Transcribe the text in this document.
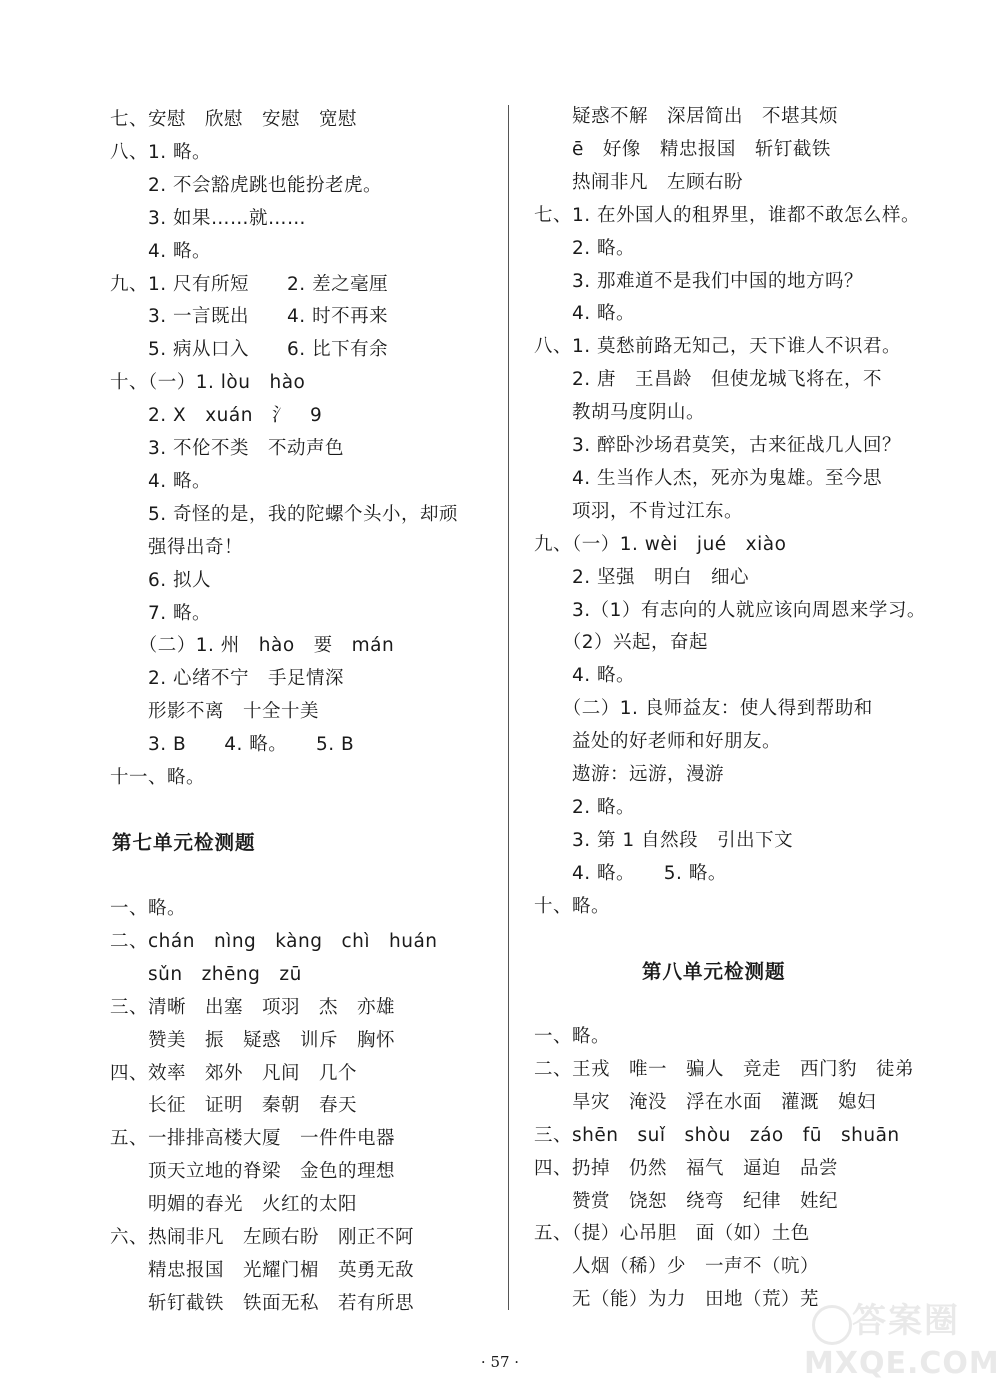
七、安慰　欣慰　安慰　宽慰
八、1. 略。
　　2. 不会豁虎跳也能扮老虎。
　　3. 如果……就……
　　4. 略。
九、1. 尺有所短　　2. 差之毫厘
　　3. 一言既出　　4. 时不再来
　　5. 病从口入　　6. 比下有余
十、（一）1. lòu　hào
　　2. X　xuán　氵　9
　　3. 不伦不类　不动声色
　　4. 略。
　　5. 奇怪的是，我的陀螺个头小，却顽
　　强得出奇！
　　6. 拟人
　　7. 略。
　　（二）1. 州　hào　要　mán
　　2. 心绪不宁　手足情深
　　形影不离　十全十美
　　3. B　　4. 略。　　5. B
十一、略。
第七单元检测题
一、略。
二、chán　nìng　kàng　chì　huán
　　sǔn　zhēng　zū
三、清晰　出塞　项羽　杰　亦雄
　　赞美　振　疑惑　训斥　胸怀
四、效率　郊外　凡间　几个
　　长征　证明　秦朝　春天
五、一排排高楼大厦　一件件电器
　　顶天立地的脊梁　金色的理想
　　明媚的春光　火红的太阳
六、热闹非凡　左顾右盼　刚正不阿
　　精忠报国　光耀门楣　英勇无敌
　　斩钉截铁　铁面无私　若有所思
　　疑惑不解　深居简出　不堪其烦
　　ē　好像　精忠报国　斩钉截铁
　　热闹非凡　左顾右盼
七、1. 在外国人的租界里，谁都不敢怎么样。
　　2. 略。
　　3. 那难道不是我们中国的地方吗？
　　4. 略。
八、1. 莫愁前路无知己，天下谁人不识君。
　　2. 唐　王昌龄　但使龙城飞将在，不
　　教胡马度阴山。
　　3. 醉卧沙场君莫笑，古来征战几人回？
　　4. 生当作人杰，死亦为鬼雄。至今思
　　项羽，不肯过江东。
九、（一）1. wèi　jué　xiào
　　2. 坚强　明白　细心
　　3.（1）有志向的人就应该向周恩来学习。
　　（2）兴起，奋起
　　4. 略。
　　（二）1. 良师益友：使人得到帮助和
　　益处的好老师和好朋友。
　　遨游：远游，漫游
　　2. 略。
　　3. 第 1 自然段　引出下文
　　4. 略。　　5. 略。
十、略。
第八单元检测题
一、略。
二、王戎　唯一　骗人　竞走　西门豹　徒弟
　　旱灾　淹没　浮在水面　灌溉　媳妇
三、shēn　suǐ　shòu　záo　fū　shuān
四、扔掉　仍然　福气　逼迫　品尝
　　赞赏　饶恕　绕弯　纪律　姓纪
五、（提）心吊胆　面（如）土色
　　人烟（稀）少　一声不（吭）
　　无（能）为力　田地（荒）芜
· 57 ·
答案圈
MXQE.COM
